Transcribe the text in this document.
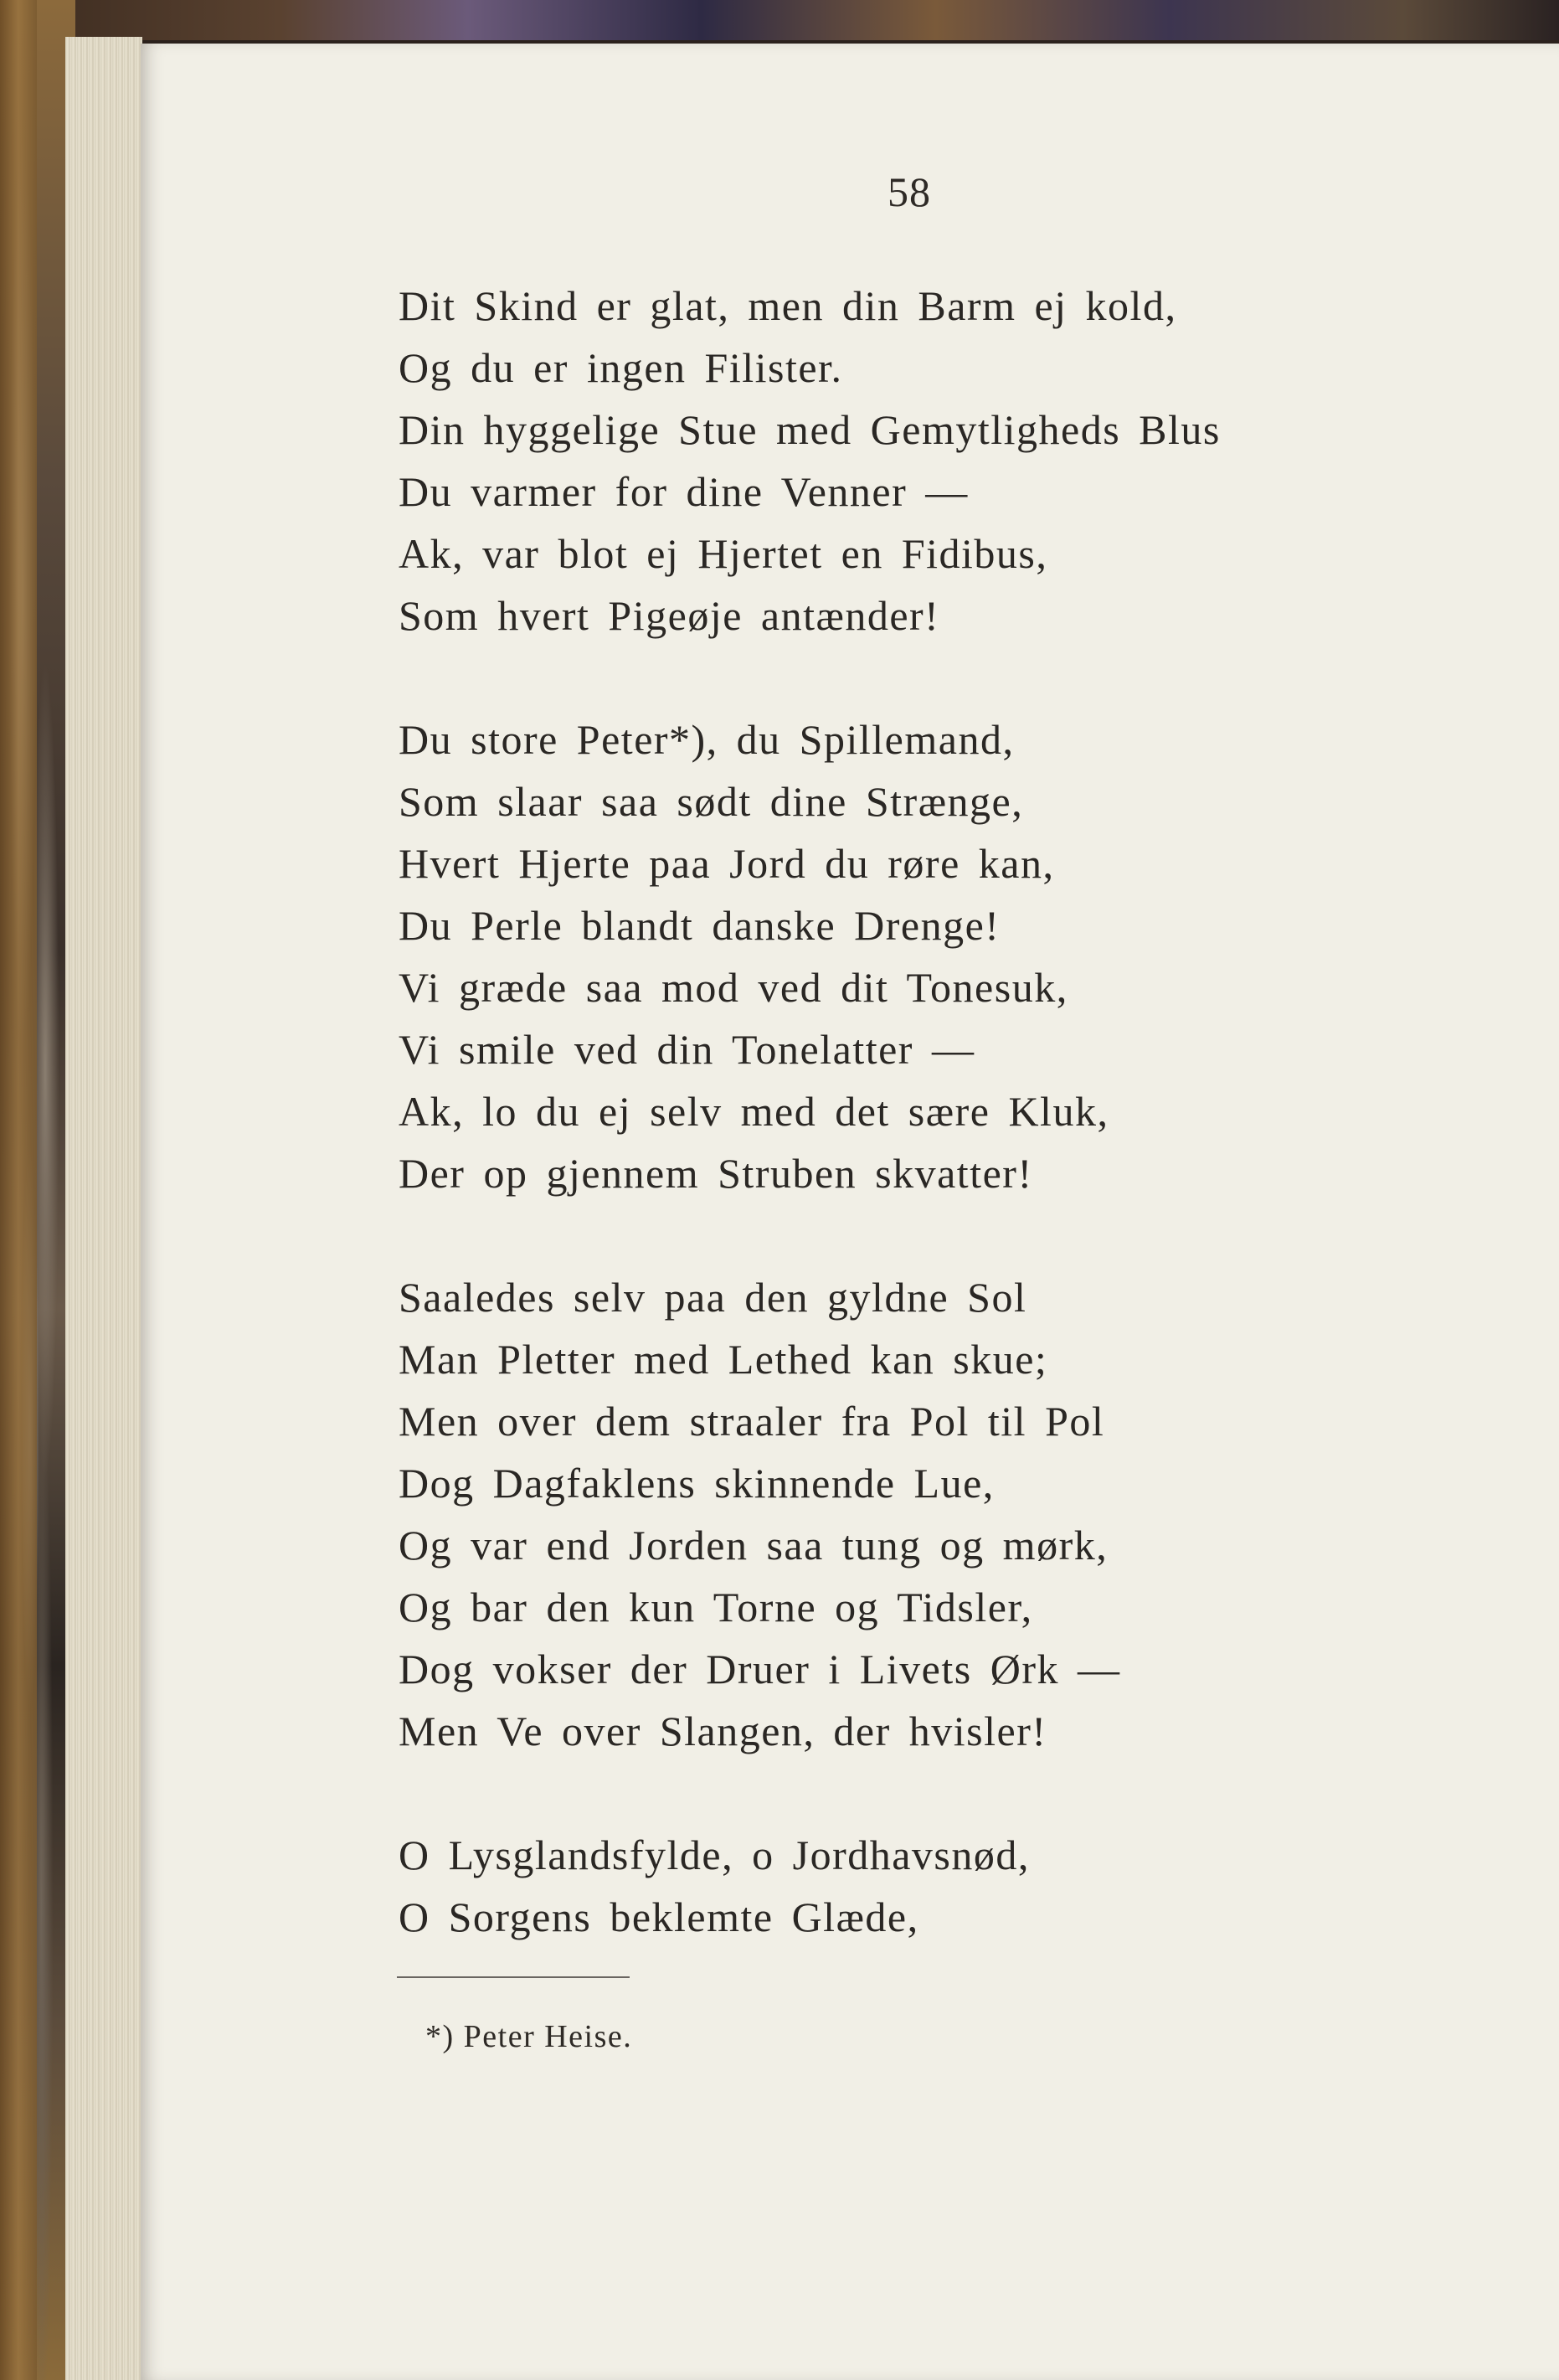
58
Dit Skind er glat, men din Barm ej kold,
Og du er ingen Filister.
Din hyggelige Stue med Gemytligheds Blus
Du varmer for dine Venner —
Ak, var blot ej Hjertet en Fidibus,
Som hvert Pigeøje antænder!
Du store Peter*), du Spillemand,
Som slaar saa sødt dine Strænge,
Hvert Hjerte paa Jord du røre kan,
Du Perle blandt danske Drenge!
Vi græde saa mod ved dit Tonesuk,
Vi smile ved din Tonelatter —
Ak, lo du ej selv med det sære Kluk,
Der op gjennem Struben skvatter!
Saaledes selv paa den gyldne Sol
Man Pletter med Lethed kan skue;
Men over dem straaler fra Pol til Pol
Dog Dagfaklens skinnende Lue,
Og var end Jorden saa tung og mørk,
Og bar den kun Torne og Tidsler,
Dog vokser der Druer i Livets Ørk —
Men Ve over Slangen, der hvisler!
O Lysglandsfylde, o Jordhavsnød,
O Sorgens beklemte Glæde,
*) Peter Heise.
